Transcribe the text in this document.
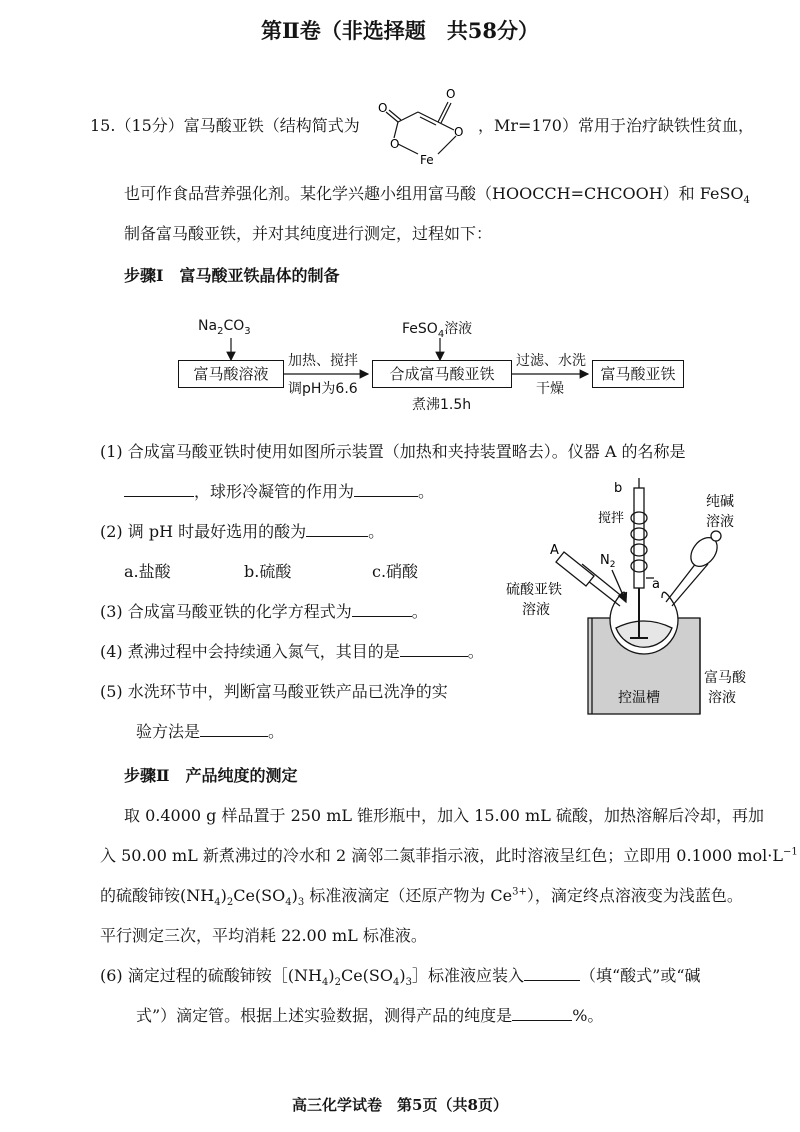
第Ⅱ卷（非选择题　共58分）
15.（15分）富马酸亚铁（结构简式为
O
O
O
O
Fe
，Mr=170）常用于治疗缺铁性贫血，
也可作食品营养强化剂。某化学兴趣小组用富马酸（HOOCCH=CHCOOH）和 FeSO$_4$
制备富马酸亚铁，并对其纯度进行测定，过程如下：
步骤Ⅰ　富马酸亚铁晶体的制备
$Na_2CO_3$	FeSO$_4$溶液
富马酸溶液	合成富马酸亚铁	富马酸亚铁
加热、搅拌
调pH为6.6
过滤、水洗
干燥
煮沸1.5h
(1) 合成富马酸亚铁时使用如图所示装置（加热和夹持装置略去）。仪器 A 的名称是
，球形冷凝管的作用为	。
(2) 调 pH 时最好选用的酸为	。
a.盐酸	b.硫酸	c.硝酸
(3) 合成富马酸亚铁的化学方程式为	。
(4) 煮沸过程中会持续通入氮气，其目的是	。
(5) 水洗环节中，判断富马酸亚铁产品已洗净的实
验方法是	。
b
搅拌
A
$N_2$
a
硫酸亚铁
溶液
纯碱
溶液
富马酸
溶液
控温槽
步骤Ⅱ　产品纯度的测定
取 0.4000 g 样品置于 250 mL 锥形瓶中，加入 15.00 mL 硫酸，加热溶解后冷却，再加
入 50.00 mL 新煮沸过的冷水和 2 滴邻二氮菲指示液，此时溶液呈红色；立即用 0.1000 $mol\cdot L^{-1}$
的硫酸铈铵$(NH_4)_2Ce(SO_4)_3$ 标准液滴定（还原产物为 $Ce^{3+}$），滴定终点溶液变为浅蓝色。
平行测定三次，平均消耗 22.00 mL 标准液。
(6) 滴定过程的硫酸铈铵$[(NH_4)_2Ce(SO_4)_3]$标准液应装入	（填“酸式”或“碱
式”）滴定管。根据上述实验数据，测得产品的纯度是	%。
高三化学试卷　第5页（共8页）
